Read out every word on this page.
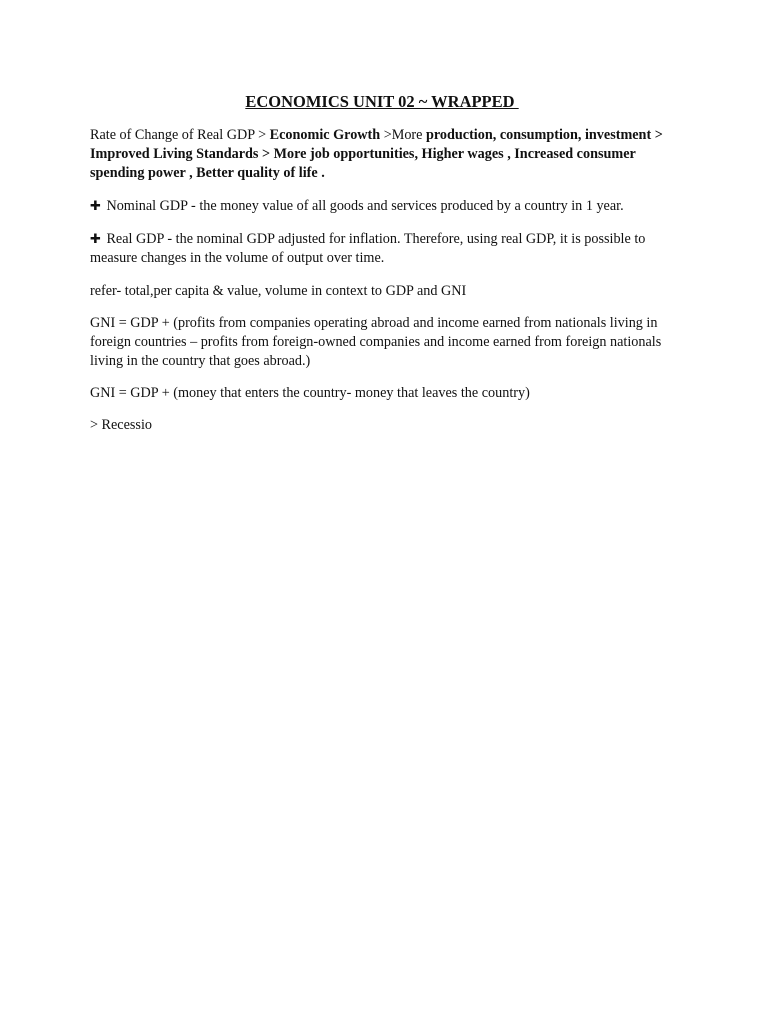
ECONOMICS UNIT 02 ~ WRAPPED

Rate of Change of Real GDP > Economic Growth >More production, consumption, investment > Improved Living Standards > More job opportunities, Higher wages , Increased consumer spending power , Better quality of life .

✚ Nominal GDP - the money value of all goods and services produced by a country in 1 year.

✚ Real GDP - the nominal GDP adjusted for inflation. Therefore, using real GDP, it is possible to measure changes in the volume of output over time.

refer- total,per capita & value, volume in context to GDP and GNI

GNI = GDP + (profits from companies operating abroad and income earned from nationals living in foreign countries – profits from foreign-owned companies and income earned from foreign nationals living in the country that goes abroad.)

GNI = GDP + (money that enters the country- money that leaves the country)

> Recessio
